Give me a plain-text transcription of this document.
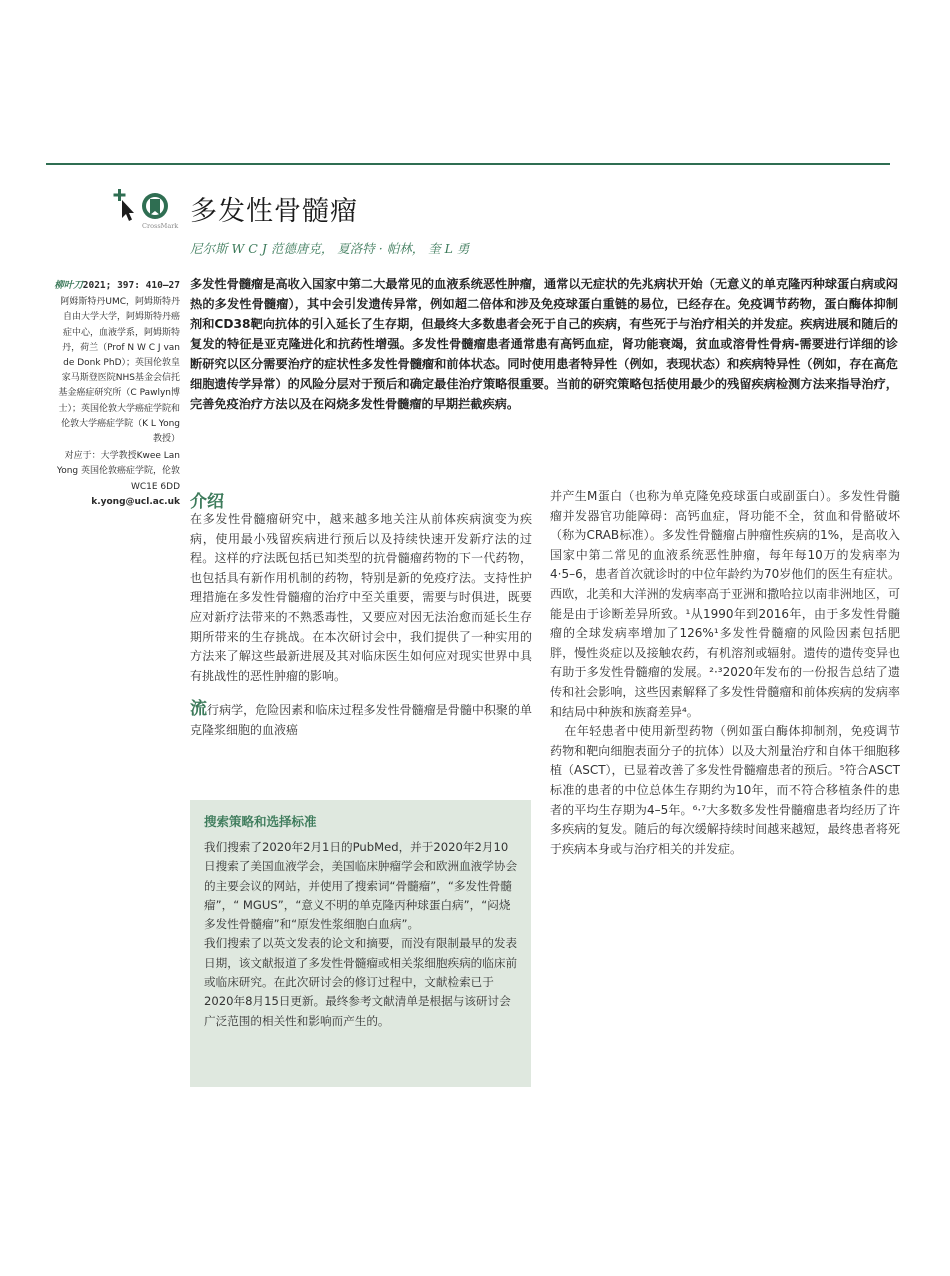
CrossMark 多发性骨髓瘤
尼尔斯 W C J 范德唐克， 夏洛特 · 帕林， 奎 L 勇
柳叶刀2021; 397: 410–27
阿姆斯特丹UMC，阿姆斯特丹自由大学大学，阿姆斯特丹癌症中心，血液学系，阿姆斯特丹，荷兰（Prof N W C J van de Donk PhD）；英国伦敦皇家马斯登医院NHS基金会信托基金癌症研究所（C Pawlyn博士）；英国伦敦大学癌症学院和伦敦大学癌症学院（K L Yong教授）
对应于：大学教授Kwee Lan Yong 英国伦敦癌症学院，伦敦WC1E 6DD k.yong@ucl.ac.uk

多发性骨髓瘤是高收入国家中第二大最常见的血液系统恶性肿瘤，通常以无症状的先兆病状开始（无意义的单克隆丙种球蛋白病或闷热的多发性骨髓瘤），其中会引发遗传异常，例如超二倍体和涉及免疫球蛋白重链的易位，已经存在。免疫调节药物，蛋白酶体抑制剂和CD38靶向抗体的引入延长了生存期，但最终大多数患者会死于自己的疾病，有些死于与治疗相关的并发症。疾病进展和随后的复发的特征是亚克隆进化和抗药性增强。多发性骨髓瘤患者通常患有高钙血症，肾功能衰竭，贫血或溶骨性骨病-需要进行详细的诊断研究以区分需要治疗的症状性多发性骨髓瘤和前体状态。同时使用患者特异性（例如，表现状态）和疾病特异性（例如，存在高危细胞遗传学异常）的风险分层对于预后和确定最佳治疗策略很重要。当前的研究策略包括使用最少的残留疾病检测方法来指导治疗，完善免疫治疗方法以及在闷烧多发性骨髓瘤的早期拦截疾病。

介绍

在多发性骨髓瘤研究中，越来越多地关注从前体疾病演变为疾病，使用最小残留疾病进行预后以及持续快速开发新疗法的过程。这样的疗法既包括已知类型的抗骨髓瘤药物的下一代药物，也包括具有新作用机制的药物，特别是新的免疫疗法。支持性护理措施在多发性骨髓瘤的治疗中至关重要，需要与时俱进，既要应对新疗法带来的不熟悉毒性，又要应对因无法治愈而延长生存期所带来的生存挑战。在本次研讨会中，我们提供了一种实用的方法来了解这些最新进展及其对临床医生如何应对现实世界中具有挑战性的恶性肿瘤的影响。

流行病学，危险因素和临床过程多发性骨髓瘤是骨髓中积聚的单克隆浆细胞的血液癌

搜索策略和选择标准

我们搜索了2020年2月1日的PubMed，并于2020年2月10日搜索了美国血液学会，美国临床肿瘤学会和欧洲血液学协会的主要会议的网站，并使用了搜索词“骨髓瘤”，“多发性骨髓瘤”，“ MGUS”，“意义不明的单克隆丙种球蛋白病”，“闷烧多发性骨髓瘤”和“原发性浆细胞白血病”。

我们搜索了以英文发表的论文和摘要，而没有限制最早的发表日期，该文献报道了多发性骨髓瘤或相关浆细胞疾病的临床前或临床研究。在此次研讨会的修订过程中，文献检索已于2020年8月15日更新。最终参考文献清单是根据与该研讨会广泛范围的相关性和影响而产生的。

并产生M蛋白（也称为单克隆免疫球蛋白或副蛋白）。多发性骨髓瘤并发器官功能障碍：高钙血症，肾功能不全，贫血和骨骼破坏（称为CRAB标准）。多发性骨髓瘤占肿瘤性疾病的1%，是高收入国家中第二常见的血液系统恶性肿瘤，每年每10万的发病率为4·5–6，患者首次就诊时的中位年龄约为70岁他们的医生有症状。西欧，北美和大洋洲的发病率高于亚洲和撒哈拉以南非洲地区，可能是由于诊断差异所致。¹从1990年到2016年，由于多发性骨髓瘤的全球发病率增加了126%¹多发性骨髓瘤的风险因素包括肥胖，慢性炎症以及接触农药，有机溶剂或辐射。遗传的遗传变异也有助于多发性骨髓瘤的发展。²·³2020年发布的一份报告总结了遗传和社会影响，这些因素解释了多发性骨髓瘤和前体疾病的发病率和结局中种族和族裔差异⁴。

在年轻患者中使用新型药物（例如蛋白酶体抑制剂，免疫调节药物和靶向细胞表面分子的抗体）以及大剂量治疗和自体干细胞移植（ASCT），已显着改善了多发性骨髓瘤患者的预后。⁵符合ASCT标准的患者的中位总体生存期约为10年，而不符合移植条件的患者的平均生存期为4–5年。⁶·⁷大多数多发性骨髓瘤患者均经历了许多疾病的复发。随后的每次缓解持续时间越来越短，最终患者将死于疾病本身或与治疗相关的并发症。
